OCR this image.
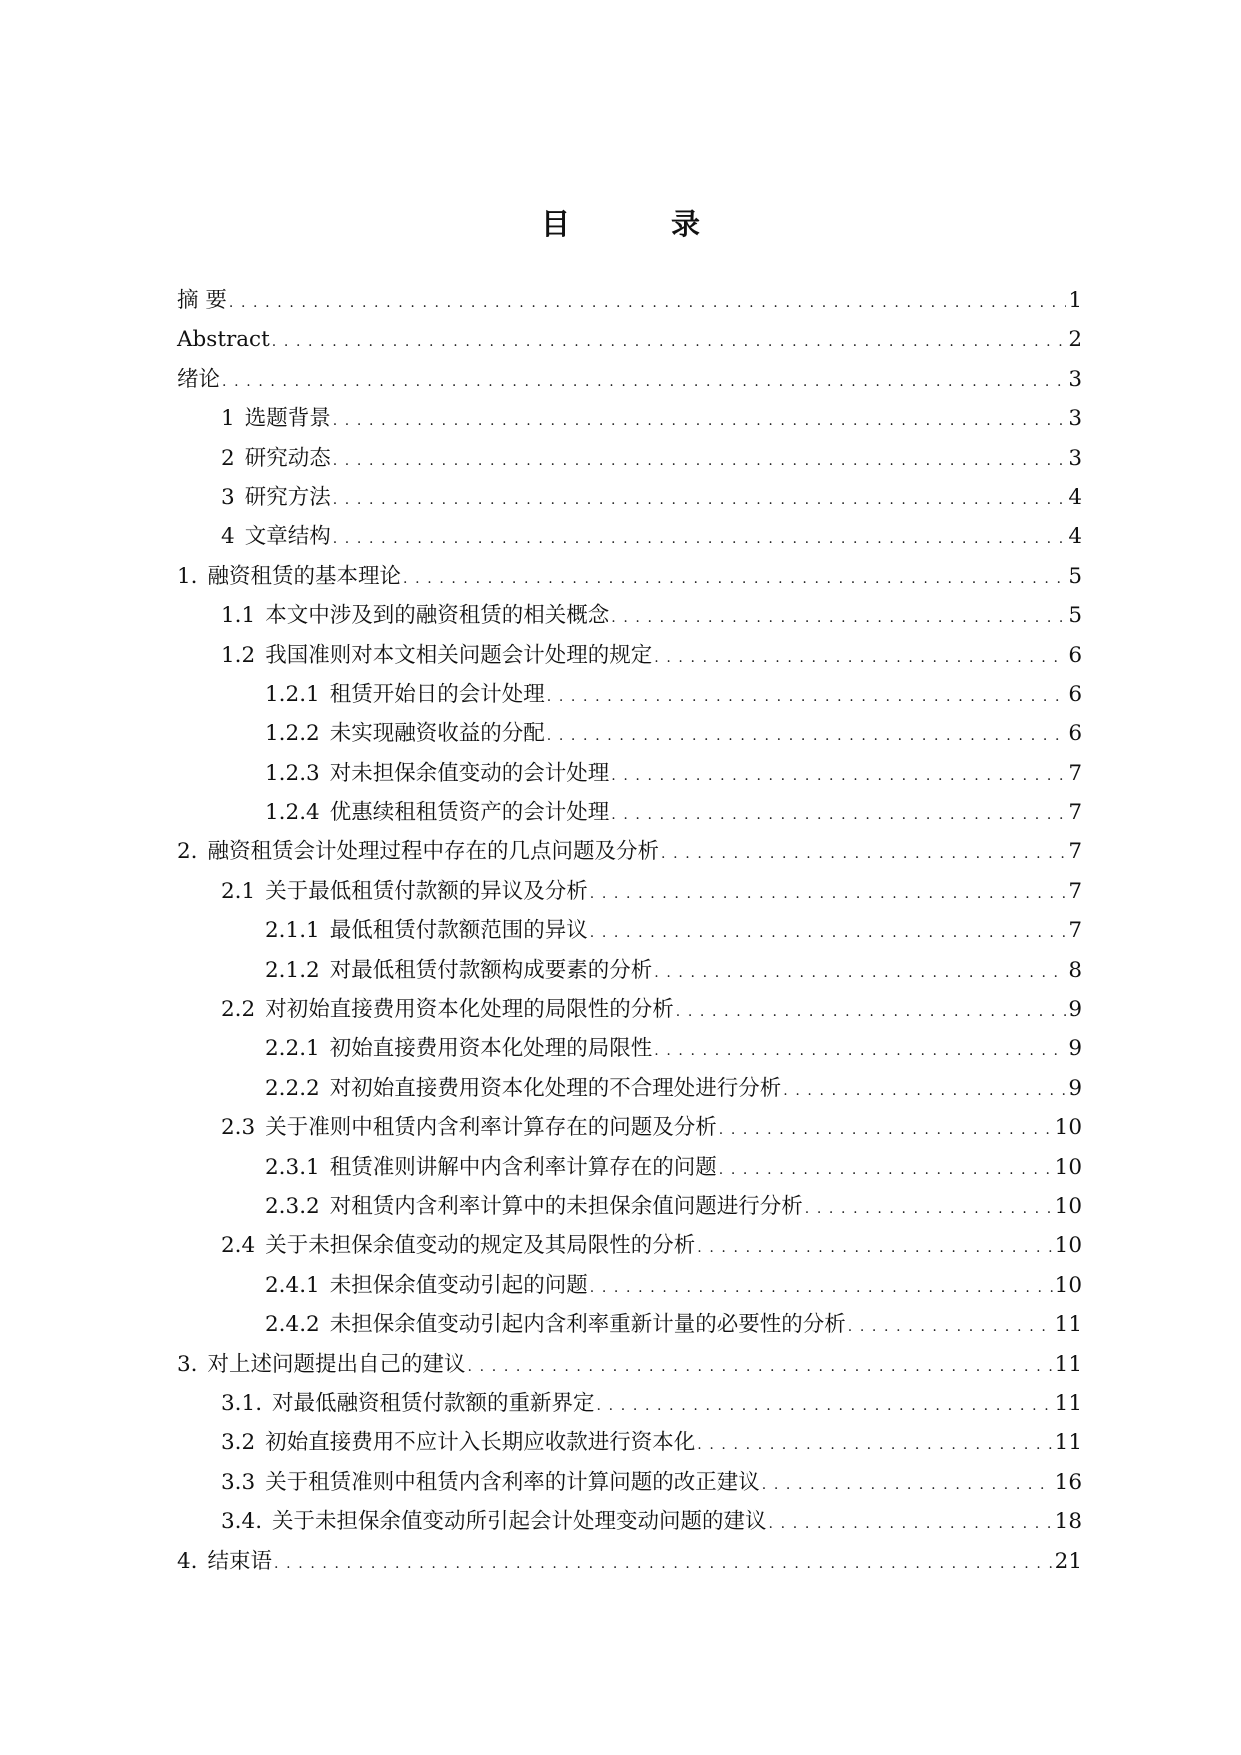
目　录
摘 要 . . .	1
Abstract . . .	2
绪论 . . .	3
1 选题背景 . . .	3
2 研究动态 . . .	3
3 研究方法 . . .	4
4 文章结构 . . .	4
1. 融资租赁的基本理论 . . .	5
1.1 本文中涉及到的融资租赁的相关概念 . . .	5
1.2 我国准则对本文相关问题会计处理的规定 . . .	6
1.2.1 租赁开始日的会计处理 . . .	6
1.2.2 未实现融资收益的分配 . . .	6
1.2.3 对未担保余值变动的会计处理 . . .	7
1.2.4 优惠续租租赁资产的会计处理 . . .	7
2. 融资租赁会计处理过程中存在的几点问题及分析 . . .	7
2.1 关于最低租赁付款额的异议及分析 . . .	7
2.1.1 最低租赁付款额范围的异议 . . .	7
2.1.2 对最低租赁付款额构成要素的分析 . . .	8
2.2 对初始直接费用资本化处理的局限性的分析 . . .	9
2.2.1 初始直接费用资本化处理的局限性 . . .	9
2.2.2 对初始直接费用资本化处理的不合理处进行分析 . . .	9
2.3 关于准则中租赁内含利率计算存在的问题及分析 . . .	10
2.3.1 租赁准则讲解中内含利率计算存在的问题 . . .	10
2.3.2 对租赁内含利率计算中的未担保余值问题进行分析 . . .	10
2.4 关于未担保余值变动的规定及其局限性的分析 . . .	10
2.4.1 未担保余值变动引起的问题 . . .	10
2.4.2 未担保余值变动引起内含利率重新计量的必要性的分析 . . .	11
3. 对上述问题提出自己的建议 . . .	11
3.1. 对最低融资租赁付款额的重新界定 . . .	11
3.2 初始直接费用不应计入长期应收款进行资本化 . . .	11
3.3 关于租赁准则中租赁内含利率的计算问题的改正建议 . . .	16
3.4. 关于未担保余值变动所引起会计处理变动问题的建议 . . .	18
4. 结束语 . . .	21
